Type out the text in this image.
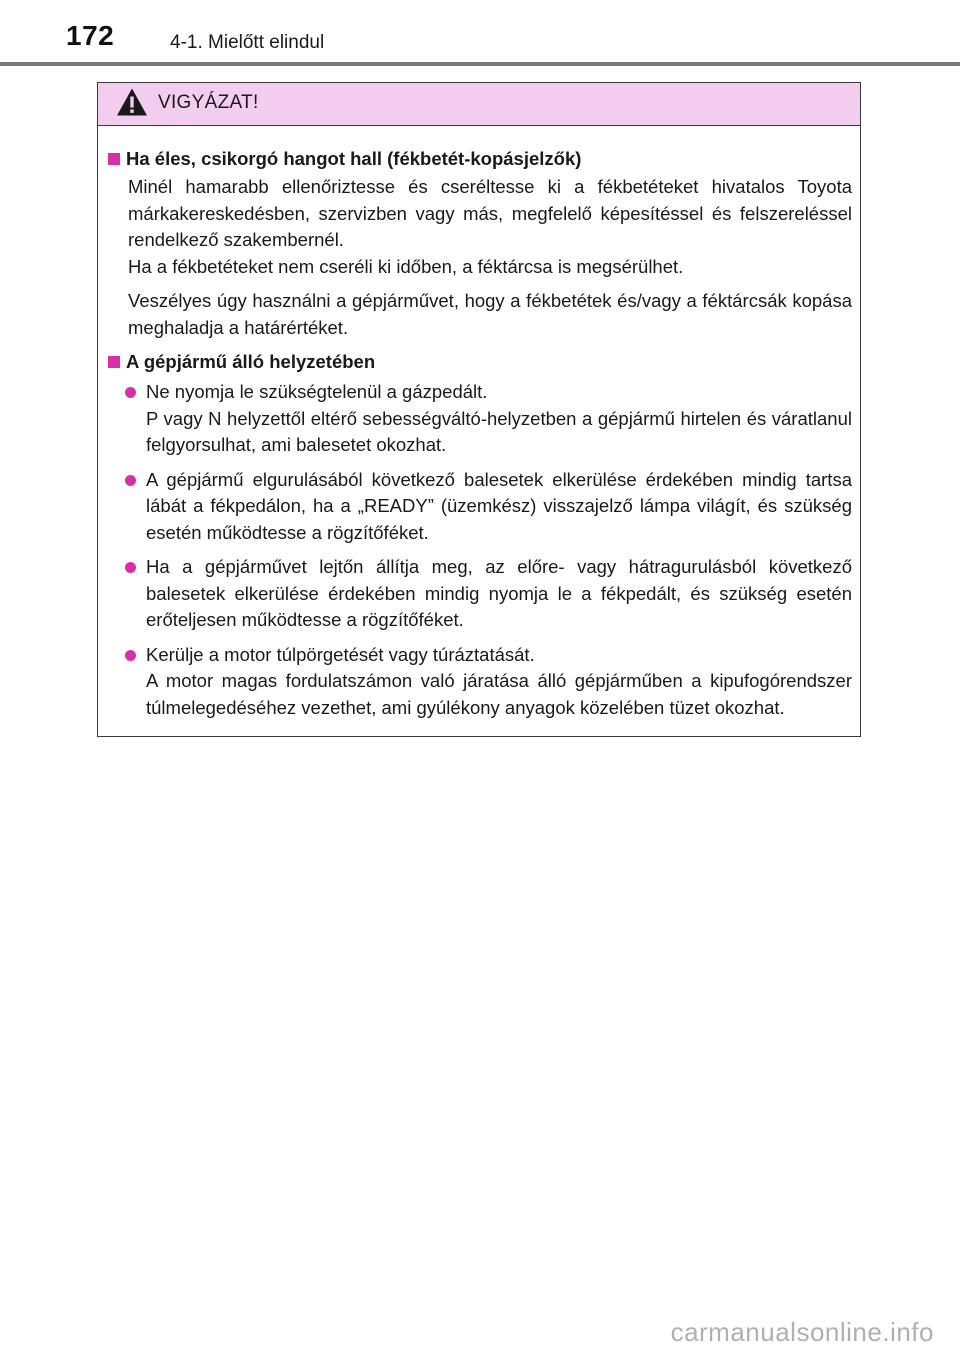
172	4-1. Mielőtt elindul
VIGYÁZAT!
Ha éles, csikorgó hangot hall (fékbetét-kopásjelzők)

Minél hamarabb ellenőriztesse és cseréltesse ki a fékbetéteket hivatalos Toyota márkakereskedésben, szervizben vagy más, megfelelő képesítéssel és felszereléssel rendelkező szakembernél.
Ha a fékbetéteket nem cseréli ki időben, a féktárcsa is megsérülhet.

Veszélyes úgy használni a gépjárművet, hogy a fékbetétek és/vagy a féktárcsák kopása meghaladja a határértéket.

A gépjármű álló helyzetében
Ne nyomja le szükségtelenül a gázpedált.
P vagy N helyzettől eltérő sebességváltó-helyzetben a gépjármű hirtelen és váratlanul felgyorsulhat, ami balesetet okozhat.
A gépjármű elgurulásából következő balesetek elkerülése érdekében mindig tartsa lábát a fékpedálon, ha a „READY” (üzemkész) visszajelző lámpa világít, és szükség esetén működtesse a rögzítőféket.
Ha a gépjárművet lejtőn állítja meg, az előre- vagy hátragurulásból következő balesetek elkerülése érdekében mindig nyomja le a fékpedált, és szükség esetén erőteljesen működtesse a rögzítőféket.
Kerülje a motor túlpörgetését vagy túráztatását.
A motor magas fordulatszámon való járatása álló gépjárműben a kipufogórendszer túlmelegedéséhez vezethet, ami gyúlékony anyagok közelében tüzet okozhat.
carmanualsonline.info
